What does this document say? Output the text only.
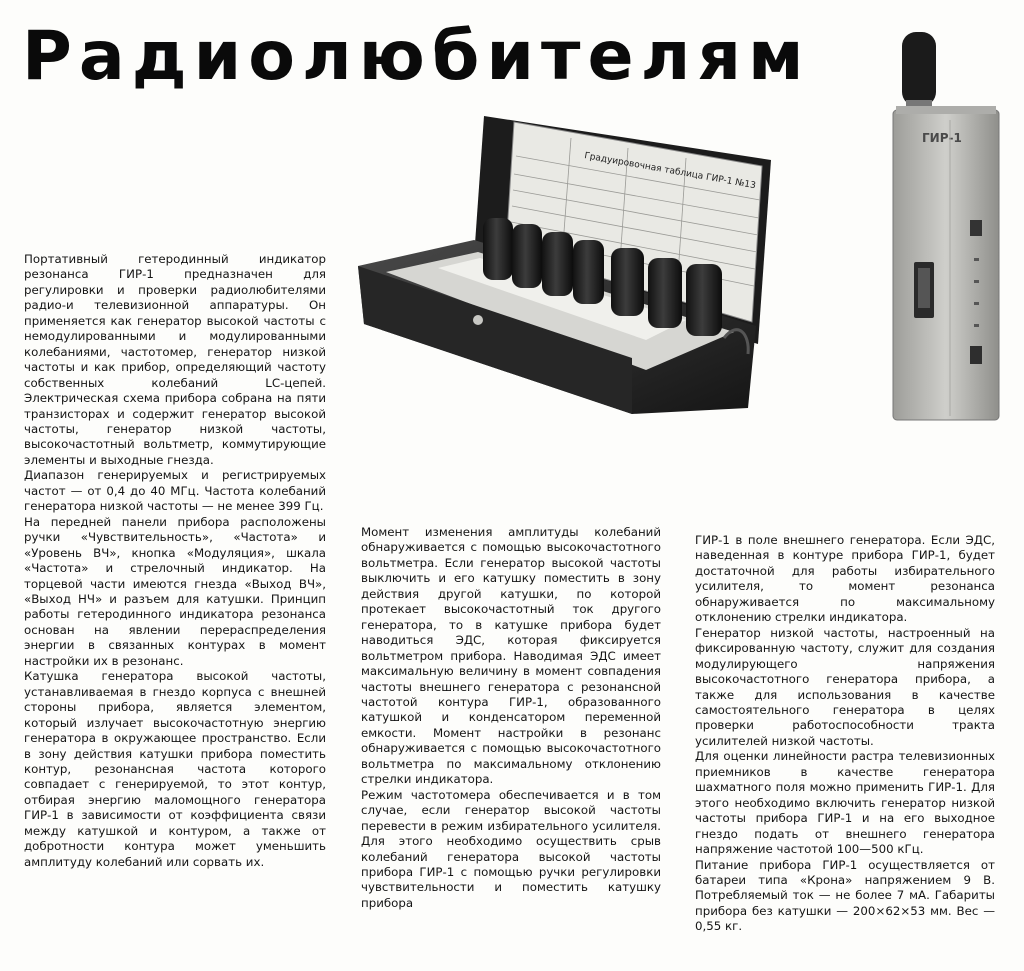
Радиолюбителям
Градуировочная таблица ГИР-1 №13
ГИР-1

Портативный гетеродинный индикатор резонанса ГИР-1 предназначен для регулировки и проверки радиолюбителями радио-и телевизионной аппаратуры. Он применяется как генератор высокой частоты с немодулированными и модулированными колебаниями, частотомер, генератор низкой частоты и как прибор, определяющий частоту собственных колебаний LC-цепей. Электрическая схема прибора собрана на пяти транзисторах и содержит генератор высокой частоты, генератор низкой частоты, высокочастотный вольтметр, коммутирующие элементы и выходные гнезда.

Диапазон генерируемых и регистрируемых частот — от 0,4 до 40 МГц. Частота колебаний генератора низкой частоты — не менее 399 Гц.

На передней панели прибора расположены ручки «Чувствительность», «Частота» и «Уровень ВЧ», кнопка «Модуляция», шкала «Частота» и стрелочный индикатор. На торцевой части имеются гнезда «Выход ВЧ», «Выход НЧ» и разъем для катушки. Принцип работы гетеродинного индикатора резонанса основан на явлении перераспределения энергии в связанных контурах в момент настройки их в резонанс.

Катушка генератора высокой частоты, устанавливаемая в гнездо корпуса с внешней стороны прибора, является элементом, который излучает высокочастотную энергию генератора в окружающее пространство. Если в зону действия катушки прибора поместить контур, резонансная частота которого совпадает с генерируемой, то этот контур, отбирая энергию маломощного генератора ГИР-1 в зависимости от коэффициента связи между катушкой и контуром, а также от добротности контура может уменьшить амплитуду колебаний или сорвать их.

Момент изменения амплитуды колебаний обнаруживается с помощью высокочастотного вольтметра. Если генератор высокой частоты выключить и его катушку поместить в зону действия другой катушки, по которой протекает высокочастотный ток другого генератора, то в катушке прибора будет наводиться ЭДС, которая фиксируется вольтметром прибора. Наводимая ЭДС имеет максимальную величину в момент совпадения частоты внешнего генератора с резонансной частотой контура ГИР-1, образованного катушкой и конденсатором переменной емкости. Момент настройки в резонанс обнаруживается с помощью высокочастотного вольтметра по максимальному отклонению стрелки индикатора.

Режим частотомера обеспечивается и в том случае, если генератор высокой частоты перевести в режим избирательного усилителя. Для этого необходимо осуществить срыв колебаний генератора высокой частоты прибора ГИР-1 с помощью ручки регулировки чувствительности и поместить катушку прибора

ГИР-1 в поле внешнего генератора. Если ЭДС, наведенная в контуре прибора ГИР-1, будет достаточной для работы избирательного усилителя, то момент резонанса обнаруживается по максимальному отклонению стрелки индикатора.

Генератор низкой частоты, настроенный на фиксированную частоту, служит для создания модулирующего напряжения высокочастотного генератора прибора, а также для использования в качестве самостоятельного генератора в целях проверки работоспособности тракта усилителей низкой частоты.

Для оценки линейности растра телевизионных приемников в качестве генератора шахматного поля можно применить ГИР-1. Для этого необходимо включить генератор низкой частоты прибора ГИР-1 и на его выходное гнездо подать от внешнего генератора напряжение частотой 100—500 кГц.

Питание прибора ГИР-1 осуществляется от батареи типа «Крона» напряжением 9 В. Потребляемый ток — не более 7 мА. Габариты прибора без катушки — 200×62×53 мм. Вес — 0,55 кг.
